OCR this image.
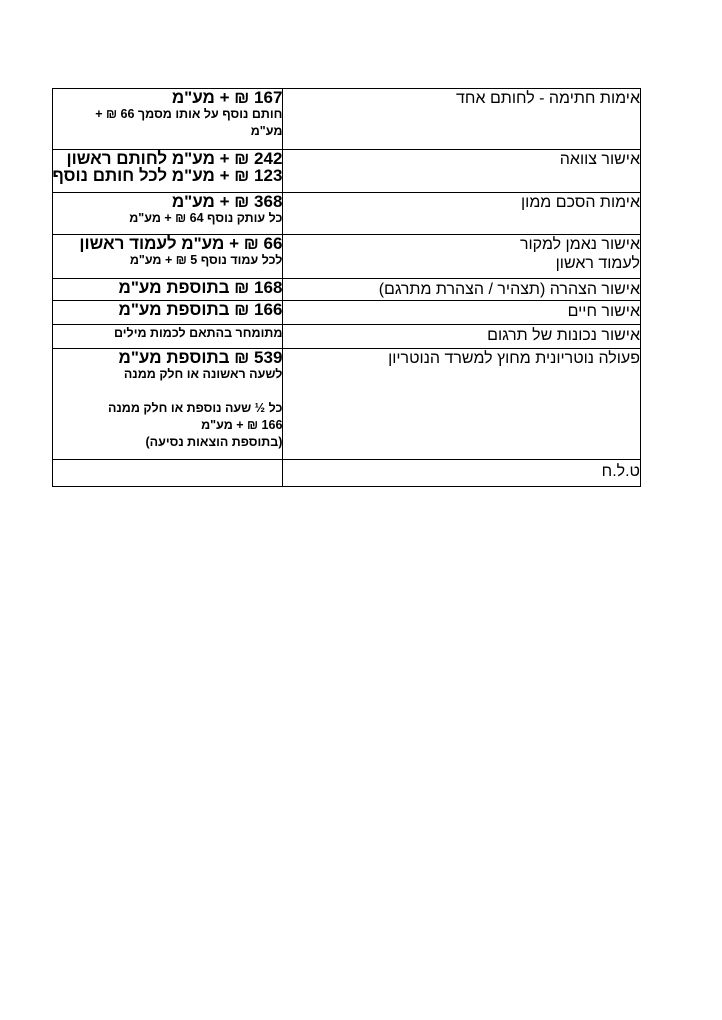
אימות חתימה - לחותם אחד	167 ₪ + מע"מ
חותם נוסף על אותו מסמך 66 ₪ +
מע"מ

אישור צוואה	242 ₪ + מע"מ לחותם ראשון
123 ₪ + מע"מ לכל חותם נוסף

אימות הסכם ממון	368 ₪ + מע"מ
כל עותק נוסף 64 ₪ + מע"מ

אישור נאמן למקור
לעמוד ראשון	66 ₪ + מע"מ לעמוד ראשון
לכל עמוד נוסף 5 ₪ + מע"מ

אישור הצהרה (תצהיר / הצהרת מתרגם)	168 ₪ בתוספת מע"מ

אישור חיים	166 ₪ בתוספת מע"מ

אישור נכונות של תרגום	מתומחר בהתאם לכמות מילים

פעולה נוטריונית מחוץ למשרד הנוטריון	539 ₪ בתוספת מע"מ
לשעה ראשונה או חלק ממנה
כל ½ שעה נוספת או חלק ממנה
166 ₪ + מע"מ
(בתוספת הוצאות נסיעה)

ט.ל.ח	
